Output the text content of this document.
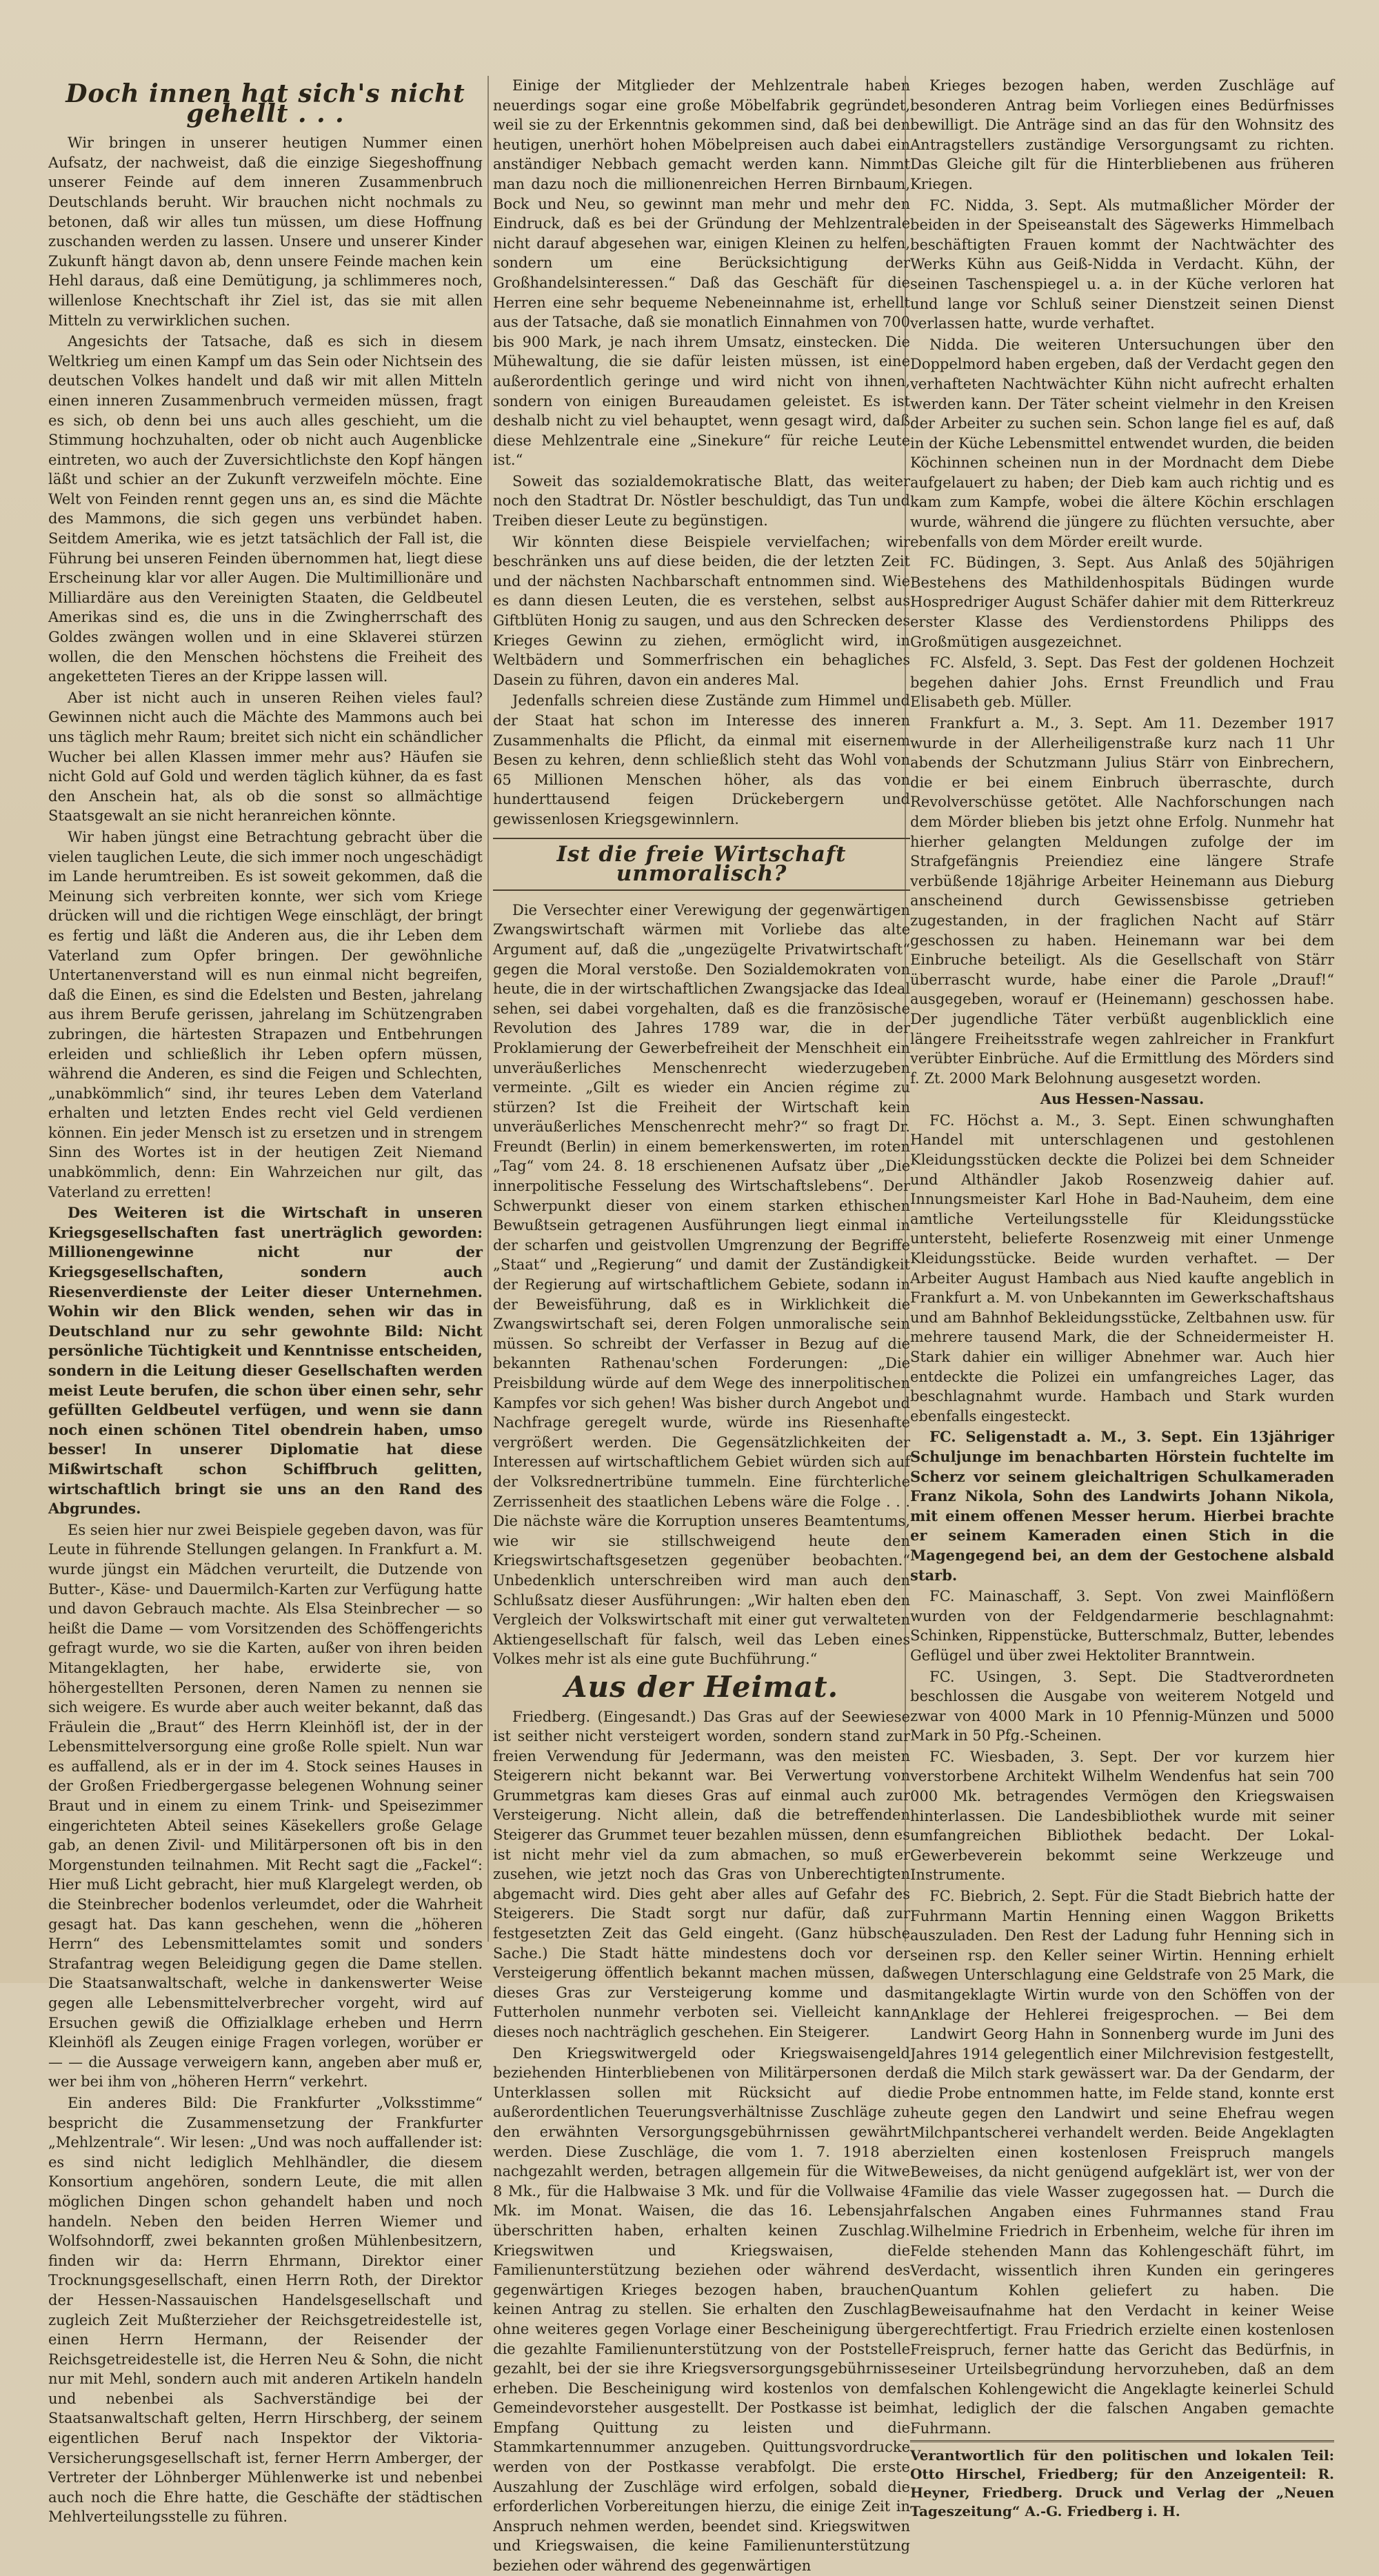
Doch innen hat sich's nicht gehellt . . .

Wir bringen in unserer heutigen Nummer einen Aufsatz, der nachweist, daß die einzige Siegeshoffnung unserer Feinde auf dem inneren Zusammenbruch Deutschlands beruht. Wir brauchen nicht nochmals zu betonen, daß wir alles tun müssen, um diese Hoffnung zuschanden werden zu lassen. Unsere und unserer Kinder Zukunft hängt davon ab, denn unsere Feinde machen kein Hehl daraus, daß eine Demütigung, ja schlimmeres noch, willenlose Knechtschaft ihr Ziel ist, das sie mit allen Mitteln zu verwirklichen suchen.

Angesichts der Tatsache, daß es sich in diesem Weltkrieg um einen Kampf um das Sein oder Nichtsein des deutschen Volkes handelt und daß wir mit allen Mitteln einen inneren Zusammenbruch vermeiden müssen, fragt es sich, ob denn bei uns auch alles geschieht, um die Stimmung hochzuhalten, oder ob nicht auch Augenblicke eintreten, wo auch der Zuversichtlichste den Kopf hängen läßt und schier an der Zukunft verzweifeln möchte. Eine Welt von Feinden rennt gegen uns an, es sind die Mächte des Mammons, die sich gegen uns verbündet haben. Seitdem Amerika, wie es jetzt tatsächlich der Fall ist, die Führung bei unseren Feinden übernommen hat, liegt diese Erscheinung klar vor aller Augen. Die Multimillionäre und Milliardäre aus den Vereinigten Staaten, die Geldbeutel Amerikas sind es, die uns in die Zwingherrschaft des Goldes zwängen wollen und in eine Sklaverei stürzen wollen, die den Menschen höchstens die Freiheit des angeketteten Tieres an der Krippe lassen will.

Aber ist nicht auch in unseren Reihen vieles faul? Gewinnen nicht auch die Mächte des Mammons auch bei uns täglich mehr Raum; breitet sich nicht ein schändlicher Wucher bei allen Klassen immer mehr aus? Häufen sie nicht Gold auf Gold und werden täglich kühner, da es fast den Anschein hat, als ob die sonst so allmächtige Staatsgewalt an sie nicht heranreichen könnte.

Wir haben jüngst eine Betrachtung gebracht über die vielen tauglichen Leute, die sich immer noch ungeschädigt im Lande herumtreiben. Es ist soweit gekommen, daß die Meinung sich verbreiten konnte, wer sich vom Kriege drücken will und die richtigen Wege einschlägt, der bringt es fertig und läßt die Anderen aus, die ihr Leben dem Vaterland zum Opfer bringen. Der gewöhnliche Untertanenverstand will es nun einmal nicht begreifen, daß die Einen, es sind die Edelsten und Besten, jahrelang aus ihrem Berufe gerissen, jahrelang im Schützengraben zubringen, die härtesten Strapazen und Entbehrungen erleiden und schließlich ihr Leben opfern müssen, während die Anderen, es sind die Feigen und Schlechten, „unabkömmlich“ sind, ihr teures Leben dem Vaterland erhalten und letzten Endes recht viel Geld verdienen können. Ein jeder Mensch ist zu ersetzen und in strengem Sinn des Wortes ist in der heutigen Zeit Niemand unabkömmlich, denn: Ein Wahrzeichen nur gilt, das Vaterland zu erretten!

Des Weiteren ist die Wirtschaft in unseren Kriegsgesellschaften fast unerträglich geworden: Millionengewinne nicht nur der Kriegsgesellschaften, sondern auch Riesenverdienste der Leiter dieser Unternehmen. Wohin wir den Blick wenden, sehen wir das in Deutschland nur zu sehr gewohnte Bild: Nicht persönliche Tüchtigkeit und Kenntnisse entscheiden, sondern in die Leitung dieser Gesellschaften werden meist Leute berufen, die schon über einen sehr, sehr gefüllten Geldbeutel verfügen, und wenn sie dann noch einen schönen Titel obendrein haben, umso besser! In unserer Diplomatie hat diese Mißwirtschaft schon Schiffbruch gelitten, wirtschaftlich bringt sie uns an den Rand des Abgrundes.

Es seien hier nur zwei Beispiele gegeben davon, was für Leute in führende Stellungen gelangen. In Frankfurt a. M. wurde jüngst ein Mädchen verurteilt, die Dutzende von Butter-, Käse- und Dauermilch-Karten zur Verfügung hatte und davon Gebrauch machte. Als Elsa Steinbrecher — so heißt die Dame — vom Vorsitzenden des Schöffengerichts gefragt wurde, wo sie die Karten, außer von ihren beiden Mitangeklagten, her habe, erwiderte sie, von höhergestellten Personen, deren Namen zu nennen sie sich weigere. Es wurde aber auch weiter bekannt, daß das Fräulein die „Braut“ des Herrn Kleinhöfl ist, der in der Lebensmittelversorgung eine große Rolle spielt. Nun war es auffallend, als er in der im 4. Stock seines Hauses in der Großen Friedbergergasse belegenen Wohnung seiner Braut und in einem zu einem Trink- und Speisezimmer eingerichteten Abteil seines Käsekellers große Gelage gab, an denen Zivil- und Militärpersonen oft bis in den Morgenstunden teilnahmen. Mit Recht sagt die „Fackel“: Hier muß Licht gebracht, hier muß Klargelegt werden, ob die Steinbrecher bodenlos verleumdet, oder die Wahrheit gesagt hat. Das kann geschehen, wenn die „höheren Herrn“ des Lebensmittelamtes somit und sonders Strafantrag wegen Beleidigung gegen die Dame stellen. Die Staatsanwaltschaft, welche in dankenswerter Weise gegen alle Lebensmittelverbrecher vorgeht, wird auf Ersuchen gewiß die Offizialklage erheben und Herrn Kleinhöfl als Zeugen einige Fragen vorlegen, worüber er — — die Aussage verweigern kann, angeben aber muß er, wer bei ihm von „höheren Herrn“ verkehrt.

Ein anderes Bild: Die Frankfurter „Volksstimme“ bespricht die Zusammensetzung der Frankfurter „Mehlzentrale“. Wir lesen: „Und was noch auffallender ist: es sind nicht lediglich Mehlhändler, die diesem Konsortium angehören, sondern Leute, die mit allen möglichen Dingen schon gehandelt haben und noch handeln. Neben den beiden Herren Wiemer und Wolfsohndorff, zwei bekannten großen Mühlenbesitzern, finden wir da: Herrn Ehrmann, Direktor einer Trocknungsgesellschaft, einen Herrn Roth, der Direktor der Hessen-Nassauischen Handelsgesellschaft und zugleich Zeit Mußterzieher der Reichsgetreidestelle ist, einen Herrn Hermann, der Reisender der Reichsgetreidestelle ist, die Herren Neu & Sohn, die nicht nur mit Mehl, sondern auch mit anderen Artikeln handeln und nebenbei als Sachverständige bei der Staatsanwaltschaft gelten, Herrn Hirschberg, der seinem eigentlichen Beruf nach Inspektor der Viktoria-Versicherungsgesellschaft ist, ferner Herrn Amberger, der Vertreter der Löhnberger Mühlenwerke ist und nebenbei auch noch die Ehre hatte, die Geschäfte der städtischen Mehlverteilungsstelle zu führen.

Einige der Mitglieder der Mehlzentrale haben neuerdings sogar eine große Möbelfabrik gegründet, weil sie zu der Erkenntnis gekommen sind, daß bei den heutigen, unerhört hohen Möbelpreisen auch dabei ein anständiger Nebbach gemacht werden kann. Nimmt man dazu noch die millionenreichen Herren Birnbaum, Bock und Neu, so gewinnt man mehr und mehr den Eindruck, daß es bei der Gründung der Mehlzentrale nicht darauf abgesehen war, einigen Kleinen zu helfen, sondern um eine Berücksichtigung der Großhandelsinteressen.“ Daß das Geschäft für die Herren eine sehr bequeme Nebeneinnahme ist, erhellt aus der Tatsache, daß sie monatlich Einnahmen von 700 bis 900 Mark, je nach ihrem Umsatz, einstecken. Die Mühewaltung, die sie dafür leisten müssen, ist eine außerordentlich geringe und wird nicht von ihnen, sondern von einigen Bureaudamen geleistet. Es ist deshalb nicht zu viel behauptet, wenn gesagt wird, daß diese Mehlzentrale eine „Sinekure“ für reiche Leute ist.“

Soweit das sozialdemokratische Blatt, das weiter noch den Stadtrat Dr. Nöstler beschuldigt, das Tun und Treiben dieser Leute zu begünstigen.

Wir könnten diese Beispiele vervielfachen; wir beschränken uns auf diese beiden, die der letzten Zeit und der nächsten Nachbarschaft entnommen sind. Wie es dann diesen Leuten, die es verstehen, selbst aus Giftblüten Honig zu saugen, und aus den Schrecken des Krieges Gewinn zu ziehen, ermöglicht wird, in Weltbädern und Sommerfrischen ein behagliches Dasein zu führen, davon ein anderes Mal.

Jedenfalls schreien diese Zustände zum Himmel und der Staat hat schon im Interesse des inneren Zusammenhalts die Pflicht, da einmal mit eisernem Besen zu kehren, denn schließlich steht das Wohl von 65 Millionen Menschen höher, als das von hunderttausend feigen Drückebergern und gewissenlosen Kriegsgewinnlern.

Ist die freie Wirtschaft unmoralisch?

Die Versechter einer Verewigung der gegenwärtigen Zwangswirtschaft wärmen mit Vorliebe das alte Argument auf, daß die „ungezügelte Privatwirtschaft“ gegen die Moral verstoße. Den Sozialdemokraten von heute, die in der wirtschaftlichen Zwangsjacke das Ideal sehen, sei dabei vorgehalten, daß es die französische Revolution des Jahres 1789 war, die in der Proklamierung der Gewerbefreiheit der Menschheit ein unveräußerliches Menschenrecht wiederzugeben vermeinte. „Gilt es wieder ein Ancien régime zu stürzen? Ist die Freiheit der Wirtschaft kein unveräußerliches Menschenrecht mehr?“ so fragt Dr. Freundt (Berlin) in einem bemerkenswerten, im roten „Tag“ vom 24. 8. 18 erschienenen Aufsatz über „Die innerpolitische Fesselung des Wirtschaftslebens“. Der Schwerpunkt dieser von einem starken ethischen Bewußtsein getragenen Ausführungen liegt einmal in der scharfen und geistvollen Umgrenzung der Begriffe „Staat“ und „Regierung“ und damit der Zuständigkeit der Regierung auf wirtschaftlichem Gebiete, sodann in der Beweisführung, daß es in Wirklichkeit die Zwangswirtschaft sei, deren Folgen unmoralische sein müssen. So schreibt der Verfasser in Bezug auf die bekannten Rathenau'schen Forderungen: „Die Preisbildung würde auf dem Wege des innerpolitischen Kampfes vor sich gehen! Was bisher durch Angebot und Nachfrage geregelt wurde, würde ins Riesenhafte vergrößert werden. Die Gegensätzlichkeiten der Interessen auf wirtschaftlichem Gebiet würden sich auf der Volksrednertribüne tummeln. Eine fürchterliche Zerrissenheit des staatlichen Lebens wäre die Folge . . . Die nächste wäre die Korruption unseres Beamtentums, wie wir sie stillschweigend heute den Kriegswirtschaftsgesetzen gegenüber beobachten.“ Unbedenklich unterschreiben wird man auch den Schlußsatz dieser Ausführungen: „Wir halten eben den Vergleich der Volkswirtschaft mit einer gut verwalteten Aktiengesellschaft für falsch, weil das Leben eines Volkes mehr ist als eine gute Buchführung.“

Aus der Heimat.

Friedberg. (Eingesandt.) Das Gras auf der Seewiese ist seither nicht versteigert worden, sondern stand zur freien Verwendung für Jedermann, was den meisten Steigerern nicht bekannt war. Bei Verwertung von Grummetgras kam dieses Gras auf einmal auch zur Versteigerung. Nicht allein, daß die betreffenden Steigerer das Grummet teuer bezahlen müssen, denn es ist nicht mehr viel da zum abmachen, so muß er zusehen, wie jetzt noch das Gras von Unberechtigten abgemacht wird. Dies geht aber alles auf Gefahr des Steigerers. Die Stadt sorgt nur dafür, daß zur festgesetzten Zeit das Geld eingeht. (Ganz hübsche Sache.) Die Stadt hätte mindestens doch vor der Versteigerung öffentlich bekannt machen müssen, daß dieses Gras zur Versteigerung komme und das Futterholen nunmehr verboten sei. Vielleicht kann dieses noch nachträglich geschehen. Ein Steigerer.

Den Kriegswitwergeld oder Kriegswaisengeld beziehenden Hinterbliebenen von Militärpersonen der Unterklassen sollen mit Rücksicht auf die außerordentlichen Teuerungsverhältnisse Zuschläge zu den erwähnten Versorgungsgebührnissen gewährt werden. Diese Zuschläge, die vom 1. 7. 1918 ab nachgezahlt werden, betragen allgemein für die Witwe 8 Mk., für die Halbwaise 3 Mk. und für die Vollwaise 4 Mk. im Monat. Waisen, die das 16. Lebensjahr überschritten haben, erhalten keinen Zuschlag. Kriegswitwen und Kriegswaisen, die Familienunterstützung beziehen oder während des gegenwärtigen Krieges bezogen haben, brauchen keinen Antrag zu stellen. Sie erhalten den Zuschlag ohne weiteres gegen Vorlage einer Bescheinigung über die gezahlte Familienunterstützung von der Poststelle gezahlt, bei der sie ihre Kriegsversorgungsgebührnisse erheben. Die Bescheinigung wird kostenlos von dem Gemeindevorsteher ausgestellt. Der Postkasse ist beim Empfang Quittung zu leisten und die Stammkartennummer anzugeben. Quittungsvordrucke werden von der Postkasse verabfolgt. Die erste Auszahlung der Zuschläge wird erfolgen, sobald die erforderlichen Vorbereitungen hierzu, die einige Zeit in Anspruch nehmen werden, beendet sind. Kriegswitwen und Kriegswaisen, die keine Familienunterstützung beziehen oder während des gegenwärtigen

Krieges bezogen haben, werden Zuschläge auf besonderen Antrag beim Vorliegen eines Bedürfnisses bewilligt. Die Anträge sind an das für den Wohnsitz des Antragstellers zuständige Versorgungsamt zu richten. Das Gleiche gilt für die Hinterbliebenen aus früheren Kriegen.

FC. Nidda, 3. Sept. Als mutmaßlicher Mörder der beiden in der Speiseanstalt des Sägewerks Himmelbach beschäftigten Frauen kommt der Nachtwächter des Werks Kühn aus Geiß-Nidda in Verdacht. Kühn, der seinen Taschenspiegel u. a. in der Küche verloren hat und lange vor Schluß seiner Dienstzeit seinen Dienst verlassen hatte, wurde verhaftet.

Nidda. Die weiteren Untersuchungen über den Doppelmord haben ergeben, daß der Verdacht gegen den verhafteten Nachtwächter Kühn nicht aufrecht erhalten werden kann. Der Täter scheint vielmehr in den Kreisen der Arbeiter zu suchen sein. Schon lange fiel es auf, daß in der Küche Lebensmittel entwendet wurden, die beiden Köchinnen scheinen nun in der Mordnacht dem Diebe aufgelauert zu haben; der Dieb kam auch richtig und es kam zum Kampfe, wobei die ältere Köchin erschlagen wurde, während die jüngere zu flüchten versuchte, aber ebenfalls von dem Mörder ereilt wurde.

FC. Büdingen, 3. Sept. Aus Anlaß des 50jährigen Bestehens des Mathildenhospitals Büdingen wurde Hospredriger August Schäfer dahier mit dem Ritterkreuz erster Klasse des Verdienstordens Philipps des Großmütigen ausgezeichnet.

FC. Alsfeld, 3. Sept. Das Fest der goldenen Hochzeit begehen dahier Johs. Ernst Freundlich und Frau Elisabeth geb. Müller.

Frankfurt a. M., 3. Sept. Am 11. Dezember 1917 wurde in der Allerheiligenstraße kurz nach 11 Uhr abends der Schutzmann Julius Stärr von Einbrechern, die er bei einem Einbruch überraschte, durch Revolverschüsse getötet. Alle Nachforschungen nach dem Mörder blieben bis jetzt ohne Erfolg. Nunmehr hat hierher gelangten Meldungen zufolge der im Strafgefängnis Preiendiez eine längere Strafe verbüßende 18jährige Arbeiter Heinemann aus Dieburg anscheinend durch Gewissensbisse getrieben zugestanden, in der fraglichen Nacht auf Stärr geschossen zu haben. Heinemann war bei dem Einbruche beteiligt. Als die Gesellschaft von Stärr überrascht wurde, habe einer die Parole „Drauf!“ ausgegeben, worauf er (Heinemann) geschossen habe. Der jugendliche Täter verbüßt augenblicklich eine längere Freiheitsstrafe wegen zahlreicher in Frankfurt verübter Einbrüche. Auf die Ermittlung des Mörders sind f. Zt. 2000 Mark Belohnung ausgesetzt worden.

Aus Hessen-Nassau.

FC. Höchst a. M., 3. Sept. Einen schwunghaften Handel mit unterschlagenen und gestohlenen Kleidungsstücken deckte die Polizei bei dem Schneider und Althändler Jakob Rosenzweig dahier auf. Innungsmeister Karl Hohe in Bad-Nauheim, dem eine amtliche Verteilungsstelle für Kleidungsstücke untersteht, belieferte Rosenzweig mit einer Unmenge Kleidungsstücke. Beide wurden verhaftet. — Der Arbeiter August Hambach aus Nied kaufte angeblich in Frankfurt a. M. von Unbekannten im Gewerkschaftshaus und am Bahnhof Bekleidungsstücke, Zeltbahnen usw. für mehrere tausend Mark, die der Schneidermeister H. Stark dahier ein williger Abnehmer war. Auch hier entdeckte die Polizei ein umfangreiches Lager, das beschlagnahmt wurde. Hambach und Stark wurden ebenfalls eingesteckt.

FC. Seligenstadt a. M., 3. Sept. Ein 13jähriger Schuljunge im benachbarten Hörstein fuchtelte im Scherz vor seinem gleichaltrigen Schulkameraden Franz Nikola, Sohn des Landwirts Johann Nikola, mit einem offenen Messer herum. Hierbei brachte er seinem Kameraden einen Stich in die Magengegend bei, an dem der Gestochene alsbald starb.

FC. Mainaschaff, 3. Sept. Von zwei Mainflößern wurden von der Feldgendarmerie beschlagnahmt: Schinken, Rippenstücke, Butterschmalz, Butter, lebendes Geflügel und über zwei Hektoliter Branntwein.

FC. Usingen, 3. Sept. Die Stadtverordneten beschlossen die Ausgabe von weiterem Notgeld und zwar von 4000 Mark in 10 Pfennig-Münzen und 5000 Mark in 50 Pfg.-Scheinen.

FC. Wiesbaden, 3. Sept. Der vor kurzem hier verstorbene Architekt Wilhelm Wendenfus hat sein 700 000 Mk. betragendes Vermögen den Kriegswaisen hinterlassen. Die Landesbibliothek wurde mit seiner umfangreichen Bibliothek bedacht. Der Lokal-Gewerbeverein bekommt seine Werkzeuge und Instrumente.

FC. Biebrich, 2. Sept. Für die Stadt Biebrich hatte der Fuhrmann Martin Henning einen Waggon Briketts auszuladen. Den Rest der Ladung fuhr Henning sich in seinen rsp. den Keller seiner Wirtin. Henning erhielt wegen Unterschlagung eine Geldstrafe von 25 Mark, die mitangeklagte Wirtin wurde von den Schöffen von der Anklage der Hehlerei freigesprochen. — Bei dem Landwirt Georg Hahn in Sonnenberg wurde im Juni des Jahres 1914 gelegentlich einer Milchrevision festgestellt, daß die Milch stark gewässert war. Da der Gendarm, der die Probe entnommen hatte, im Felde stand, konnte erst heute gegen den Landwirt und seine Ehefrau wegen Milchpantscherei verhandelt werden. Beide Angeklagten erzielten einen kostenlosen Freispruch mangels Beweises, da nicht genügend aufgeklärt ist, wer von der Familie das viele Wasser zugegossen hat. — Durch die falschen Angaben eines Fuhrmannes stand Frau Wilhelmine Friedrich in Erbenheim, welche für ihren im Felde stehenden Mann das Kohlengeschäft führt, im Verdacht, wissentlich ihren Kunden ein geringeres Quantum Kohlen geliefert zu haben. Die Beweisaufnahme hat den Verdacht in keiner Weise gerechtfertigt. Frau Friedrich erzielte einen kostenlosen Freispruch, ferner hatte das Gericht das Bedürfnis, in seiner Urteilsbegründung hervorzuheben, daß an dem falschen Kohlengewicht die Angeklagte keinerlei Schuld hat, lediglich der die falschen Angaben gemachte Fuhrmann.

Verantwortlich für den politischen und lokalen Teil: Otto Hirschel, Friedberg; für den Anzeigenteil: R. Heyner, Friedberg. Druck und Verlag der „Neuen Tageszeitung“ A.-G. Friedberg i. H.
